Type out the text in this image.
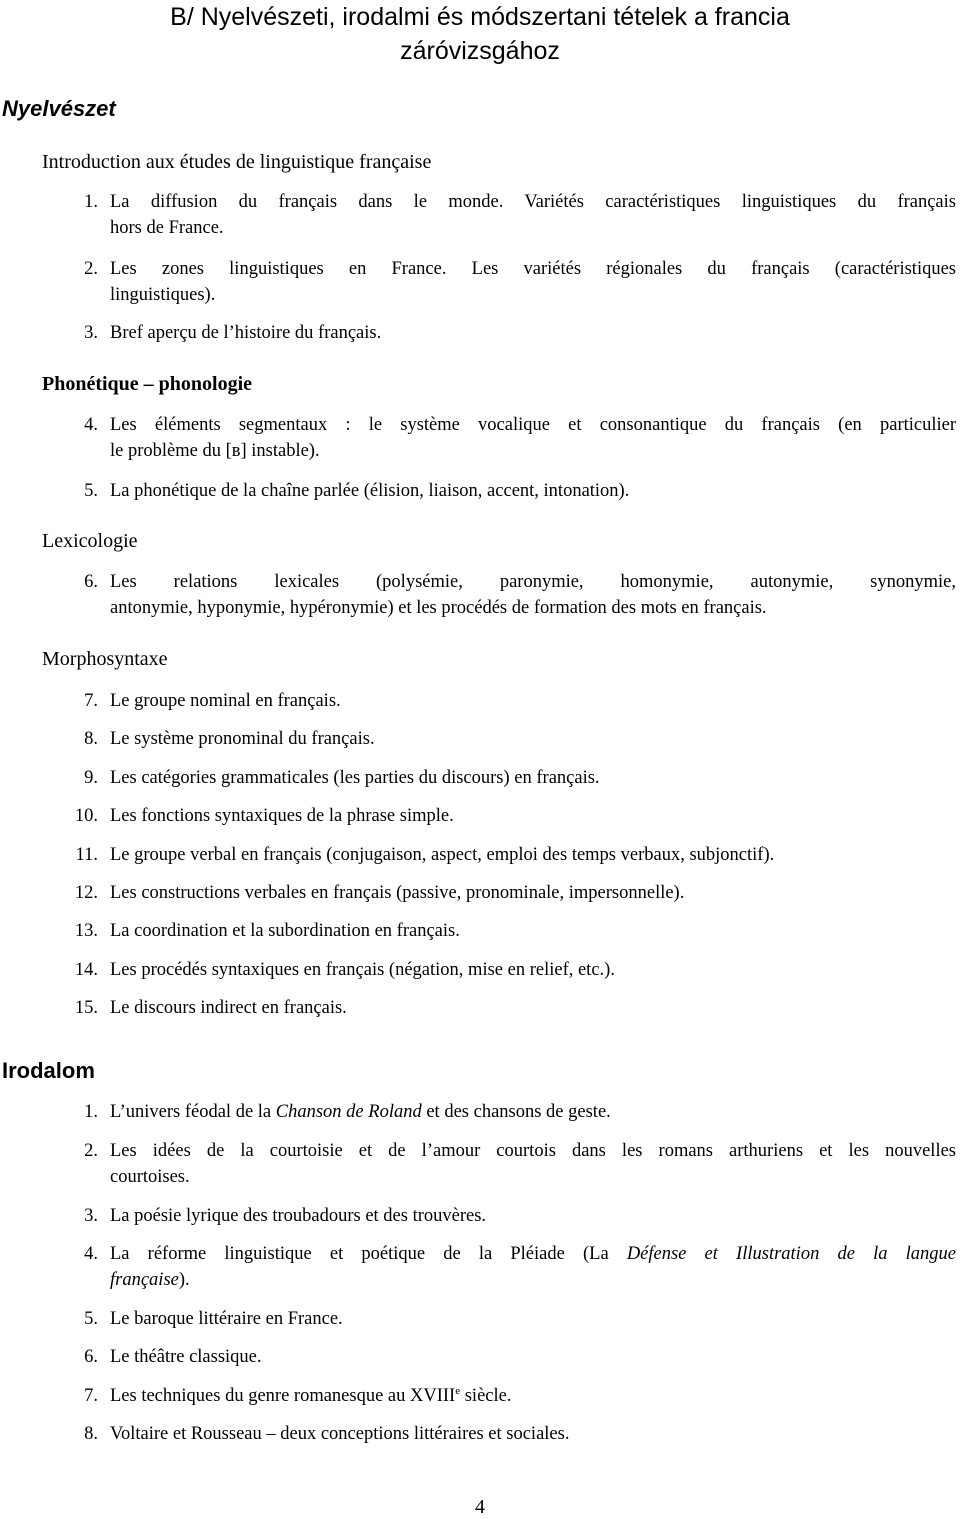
B/ Nyelvészeti, irodalmi és módszertani tételek a francia
záróvizsgához
Nyelvészet
Introduction aux études de linguistique française
1. La diffusion du français dans le monde. Variétés caractéristiques linguistiques du français
hors de France.
2. Les zones linguistiques en France. Les variétés régionales du français (caractéristiques
linguistiques).
3. Bref aperçu de l’histoire du français.
Phonétique – phonologie
4. Les éléments segmentaux : le système vocalique et consonantique du français (en particulier
le problème du [ʙ] instable).
5. La phonétique de la chaîne parlée (élision, liaison, accent, intonation).
Lexicologie
6. Les relations lexicales (polysémie, paronymie, homonymie, autonymie, synonymie,
antonymie, hyponymie, hypéronymie) et les procédés de formation des mots en français.
Morphosyntaxe
7. Le groupe nominal en français.
8. Le système pronominal du français.
9. Les catégories grammaticales (les parties du discours) en français.
10. Les fonctions syntaxiques de la phrase simple.
11. Le groupe verbal en français (conjugaison, aspect, emploi des temps verbaux, subjonctif).
12. Les constructions verbales en français (passive, pronominale, impersonnelle).
13. La coordination et la subordination en français.
14. Les procédés syntaxiques en français (négation, mise en relief, etc.).
15. Le discours indirect en français.
Irodalom
1. L’univers féodal de la Chanson de Roland et des chansons de geste.
2. Les idées de la courtoisie et de l’amour courtois dans les romans arthuriens et les nouvelles
courtoises.
3. La poésie lyrique des troubadours et des trouvères.
4. La réforme linguistique et poétique de la Pléiade (La Défense et Illustration de la langue
française).
5. Le baroque littéraire en France.
6. Le théâtre classique.
7. Les techniques du genre romanesque au XVIIIe siècle.
8. Voltaire et Rousseau – deux conceptions littéraires et sociales.
4
